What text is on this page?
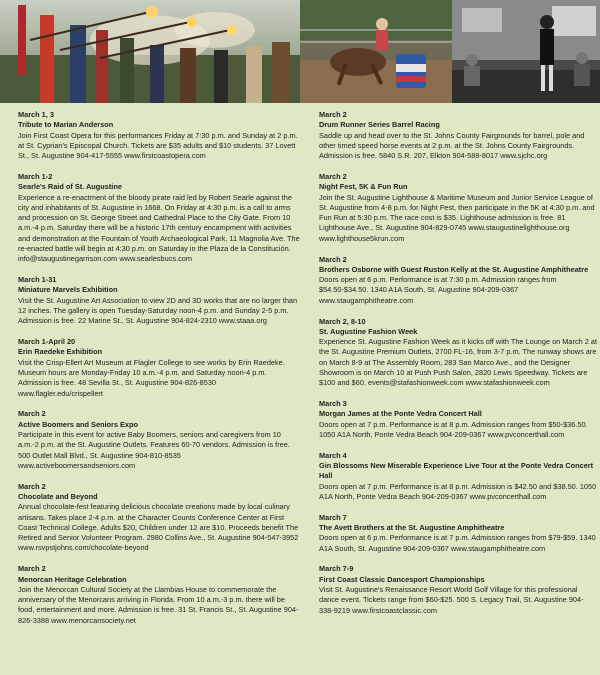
March 1, 3
Tribute to Marian Anderson
Join First Coast Opera for this performances Friday at 7:30 p.m. and Sunday at 2 p.m. at St. Cyprian's Episcopal Church. Tickets are $35 adults and $10 students. 37 Lovett St., St. Augustine 904-417-5555 www.firstcoastopera.com
March 1-2
Searle's Raid of St. Augustine
Experience a re-enactment of the bloody pirate raid led by Robert Searle against the city and inhabitants of St. Augustine in 1668. On Friday at 4:30 p.m. is a call to arms and procession on St. George Street and Cathedral Place to the City Gate. From 10 a.m.-4 p.m. Saturday there will be a historic 17th century encampment with activities and demonstration at the Fountain of Youth Archaeological Park, 11 Magnolia Ave. The re-enacted battle will begin at 4:30 p.m. on Saturday in the Plaza de la Constitución. info@staugustinegarrison.com www.searlesbucs.com
March 1-31
Miniature Marvels Exhibition
Visit the St. Augustine Art Association to view 2D and 3D works that are no larger than 12 inches. The gallery is open Tuesday-Saturday noon-4 p.m. and Sunday 2-5 p.m. Admission is free. 22 Marine St., St. Augustine 904-824-2310 www.staaa.org
March 1-April 20
Erin Raedeke Exhibition
Visit the Crisp-Ellert Art Museum at Flagler College to see works by Erin Raedeke. Museum hours are Monday-Friday 10 a.m.-4 p.m. and Saturday noon-4 p.m. Admission is free. 48 Sevilla St., St. Augustine 904-826-8530 www.flagler.edu/crispellert
March 2
Active Boomers and Seniors Expo
Participate in this event for active Baby Boomers, seniors and caregivers from 10 a.m.-2 p.m. at the St. Augustine Outlets. Features 60-70 vendors. Admission is free. 500 Outlet Mall Blvd., St. Augustine 904-810-8535 www.activeboomersandseniors.com
March 2
Chocolate and Beyond
Annual chocolate-fest featuring delicious chocolate creations made by local culinary artisans. Takes place 2-4 p.m. at the Character Counts Conference Center at First Coast Technical College. Adults $20, Children under 12 are $10. Proceeds benefit The Retired and Senior Volunteer Program. 2980 Collins Ave., St. Augustine 904-547-3952 www.rsvpstjohns.com/chocolate-beyond
March 2
Menorcan Heritage Celebration
Join the Menorcan Cultural Society at the Llambias House to commemorate the anniversary of the Menorcans arriving in Florida. From 10 a.m.-3 p.m. there will be food, entertainment and more. Admission is free. 31 St. Francis St., St. Augustine 904-826-3388 www.menorcansociety.net
March 2
Drum Runner Series Barrel Racing
Saddle up and head over to the St. Johns County Fairgrounds for barrel, pole and other timed speed horse events at 2 p.m. at the St. Johns County Fairgrounds. Admission is free. 5840 S.R. 207, Elkton 904-588-8017 www.sjchc.org
March 2
Night Fest, 5K & Fun Run
Join the St. Augustine Lighthouse & Maritime Museum and Junior Service League of St. Augustine from 4-8 p.m. for Night Fest, then participate in the 5K at 4:30 p.m. and Fun Run at 5:30 p.m. The race cost is $35. Lighthouse admission is free. 81 Lighthouse Ave., St. Augustine 904-829-0745 www.staugustinelighthouse.org www.lighthouse5krun.com
March 2
Brothers Osborne with Guest Ruston Kelly at the St. Augustine Amphitheatre
Doors open at 6 p.m. Performance is at 7:30 p.m. Admission ranges from $54.50-$34.50. 1340 A1A South, St. Augustine 904-209-0367 www.staugamphitheatre.com
March 2, 8-10
St. Augustine Fashion Week
Experience St. Augustine Fashion Week as it kicks off with The Lounge on March 2 at the St. Augustine Premium Outlets, 2700 FL-16, from 3-7 p.m. The runway shows are on March 8-9 at The Assembly Room, 283 San Marco Ave., and the Designer Showroom is on March 10 at Push Push Salon, 2820 Lewis Speedway. Tickets are $100 and $60. events@stafashionweek.com www.stafashionweek.com
March 3
Morgan James at the Ponte Vedra Concert Hall
Doors open at 7 p.m. Performance is at 8 p.m. Admission ranges from $50-$36.50. 1050 A1A North, Ponte Vedra Beach 904-209-0367 www.pvconcerthall.com
March 4
Gin Blossoms New Miserable Experience Live Tour at the Ponte Vedra Concert Hall
Doors open at 7 p.m. Performance is at 8 p.m. Admission is $42.50 and $38.50. 1050 A1A North, Ponte Vedra Beach 904-209-0367 www.pvconcerthall.com
March 7
The Avett Brothers at the St. Augustine Amphitheatre
Doors open at 6 p.m. Performance is at 7 p.m. Admission ranges from $79-$59. 1340 A1A South, St. Augustine 904-209-0367 www.staugamphitheatre.com
March 7-9
First Coast Classic Dancesport Championships
Visit St. Augustine's Renaissance Resort World Golf Village for this professional dance event. Tickets range from $60-$25. 500 S. Legacy Trail, St. Augustine 904-338-9219 www.firstcoastclassic.com
